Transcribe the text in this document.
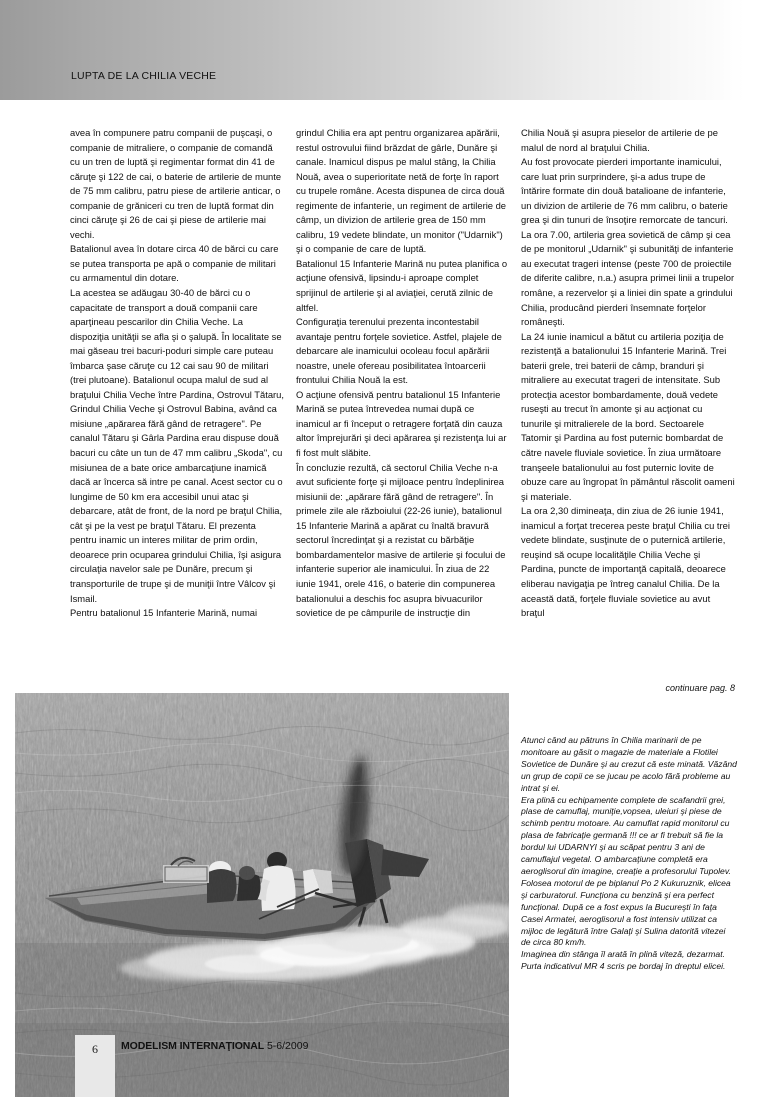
LUPTA DE LA CHILIA VECHE

avea în compunere patru companii de puşcaşi, o companie de mitraliere, o companie de comandă cu un tren de luptă şi regimentar format din 41 de căruţe şi 122 de cai, o baterie de artilerie de munte de 75 mm calibru, patru piese de artilerie anticar, o companie de grăniceri cu tren de luptă format din cinci căruţe şi 26 de cai şi piese de artilerie mai vechi.

Batalionul avea în dotare circa 40 de bărci cu care se putea transporta pe apă o companie de militari cu armamentul din dotare.

La acestea se adăugau 30-40 de bărci cu o capacitate de transport a două companii care aparţineau pescarilor din Chilia Veche. La dispoziţia unităţii se afla şi o şalupă. În localitate se mai găseau trei bacuri-poduri simple care puteau îmbarca şase căruţe cu 12 cai sau 90 de militari (trei plutoane). Batalionul ocupa malul de sud al braţului Chilia Veche între Pardina, Ostrovul Tătaru, Grindul Chilia Veche şi Ostrovul Babina, având ca misiune „apărarea fără gând de retragere". Pe canalul Tătaru şi Gârla Pardina erau dispuse două bacuri cu câte un tun de 47 mm calibru „Skoda", cu misiunea de a bate orice ambarcaţiune inamică dacă ar încerca să intre pe canal. Acest sector cu o lungime de 50 km era accesibil unui atac şi debarcare, atât de front, de la nord pe braţul Chilia, cât şi pe la vest pe braţul Tătaru. El prezenta pentru inamic un interes militar de prim ordin, deoarece prin ocuparea grindului Chilia, îşi asigura circulaţia navelor sale pe Dunăre, precum şi transporturile de trupe şi de muniţii între Vâlcov şi Ismail.

Pentru batalionul 15 Infanterie Marină, numai

grindul Chilia era apt pentru organizarea apărării, restul ostrovului fiind brăzdat de gârle, Dunăre şi canale. Inamicul dispus pe malul stâng, la Chilia Nouă, avea o superioritate netă de forţe în raport cu trupele române. Acesta dispunea de circa două regimente de infanterie, un regiment de artilerie de câmp, un divizion de artilerie grea de 150 mm calibru, 19 vedete blindate, un monitor ("Udarnik") şi o companie de care de luptă.

Batalionul 15 Infanterie Marină nu putea planifica o acţiune ofensivă, lipsindu-i aproape complet sprijinul de artilerie şi al aviaţiei, cerută zilnic de altfel.

Configuraţia terenului prezenta incontestabil avantaje pentru forţele sovietice. Astfel, plajele de debarcare ale inamicului ocoleau focul apărării noastre, unele ofereau posibilitatea întoarcerii frontului Chilia Nouă la est.

O acţiune ofensivă pentru batalionul 15 Infanterie Marină se putea întrevedea numai după ce inamicul ar fi început o retragere forţată din cauza altor împrejurări şi deci apărarea şi rezistenţa lui ar fi fost mult slăbite.

În concluzie rezultă, că sectorul Chilia Veche n-a avut suficiente forţe şi mijloace pentru îndeplinirea misiunii de: „apărare fără gând de retragere". În primele zile ale războiului (22-26 iunie), batalionul 15 Infanterie Marină a apărat cu înaltă bravură sectorul încredinţat şi a rezistat cu bărbăţie bombardamentelor masive de artilerie şi focului de infanterie superior ale inamicului. În ziua de 22 iunie 1941, orele 416, o baterie din compunerea batalionului a deschis foc asupra bivuacurilor sovietice de pe câmpurile de instrucţie din

Chilia Nouă şi asupra pieselor de artilerie de pe malul de nord al braţului Chilia.

Au fost provocate pierderi importante inamicului, care luat prin surprindere, şi-a adus trupe de întărire formate din două batalioane de infanterie, un divizion de artilerie de 76 mm calibru, o baterie grea şi din tunuri de însoţire remorcate de tancuri.

La ora 7.00, artileria grea sovietică de câmp şi cea de pe monitorul „Udarnik" şi subunităţi de infanterie au executat trageri intense (peste 700 de proiectile de diferite calibre, n.a.) asupra primei linii a trupelor române, a rezervelor şi a liniei din spate a grindului Chilia, producând pierderi însemnate forţelor româneşti.

La 24 iunie inamicul a bătut cu artileria poziţia de rezistenţă a batalionului 15 Infanterie Marină. Trei baterii grele, trei baterii de câmp, branduri şi mitraliere au executat trageri de intensitate. Sub protecţia acestor bombardamente, două vedete ruseşti au trecut în amonte şi au acţionat cu tunurile şi mitralierele de la bord. Sectoarele Tatomir şi Pardina au fost puternic bombardat de către navele fluviale sovietice. În ziua următoare tranşeele batalionului au fost puternic lovite de obuze care au îngropat în pământul răscolit oameni şi materiale.

La ora 2,30 dimineaţa, din ziua de 26 iunie 1941, inamicul a forţat trecerea peste braţul Chilia cu trei vedete blindate, susţinute de o puternică artilerie, reuşind să ocupe localităţile Chilia Veche şi Pardina, puncte de importanţă capitală, deoarece eliberau navigaţia pe întreg canalul Chilia. De la această dată, forţele fluviale sovietice au avut braţul

continuare pag. 8
6	MODELISM INTERNAŢIONAL 5-6/2009

Atunci când au pătruns în Chilia marinarii de pe monitoare au găsit o magazie de materiale a Flotilei Sovietice de Dunăre şi au crezut că este minată. Văzând un grup de copii ce se jucau pe acolo fără probleme au intrat şi ei.

Era plină cu echipamente complete de scafandrii grei, plase de camuflaj, muniţie,vopsea, uleiuri şi piese de schimb pentru motoare. Au camuflat rapid monitorul cu plasa de fabricaţie germană !!! ce ar fi trebuit să fie la bordul lui UDARNYI şi au scăpat pentru 3 ani de camuflajul vegetal. O ambarcaţiune completă era aeroglisorul din imagine, creaţie a profesorului Tupolev. Folosea motorul de pe biplanul Po 2 Kukuruznik, elicea şi carburatorul. Funcţiona cu benzină şi era perfect funcţional. După ce a fost expus la Bucureşti în faţa Casei Armatei, aeroglisorul a fost intensiv utilizat ca mijloc de legătură între Galaţi şi Sulina datorită vitezei de circa 80 km/h.

Imaginea din stânga îl arată în plină viteză, dezarmat. Purta indicativul MR 4 scris pe bordaj în dreptul elicei.
